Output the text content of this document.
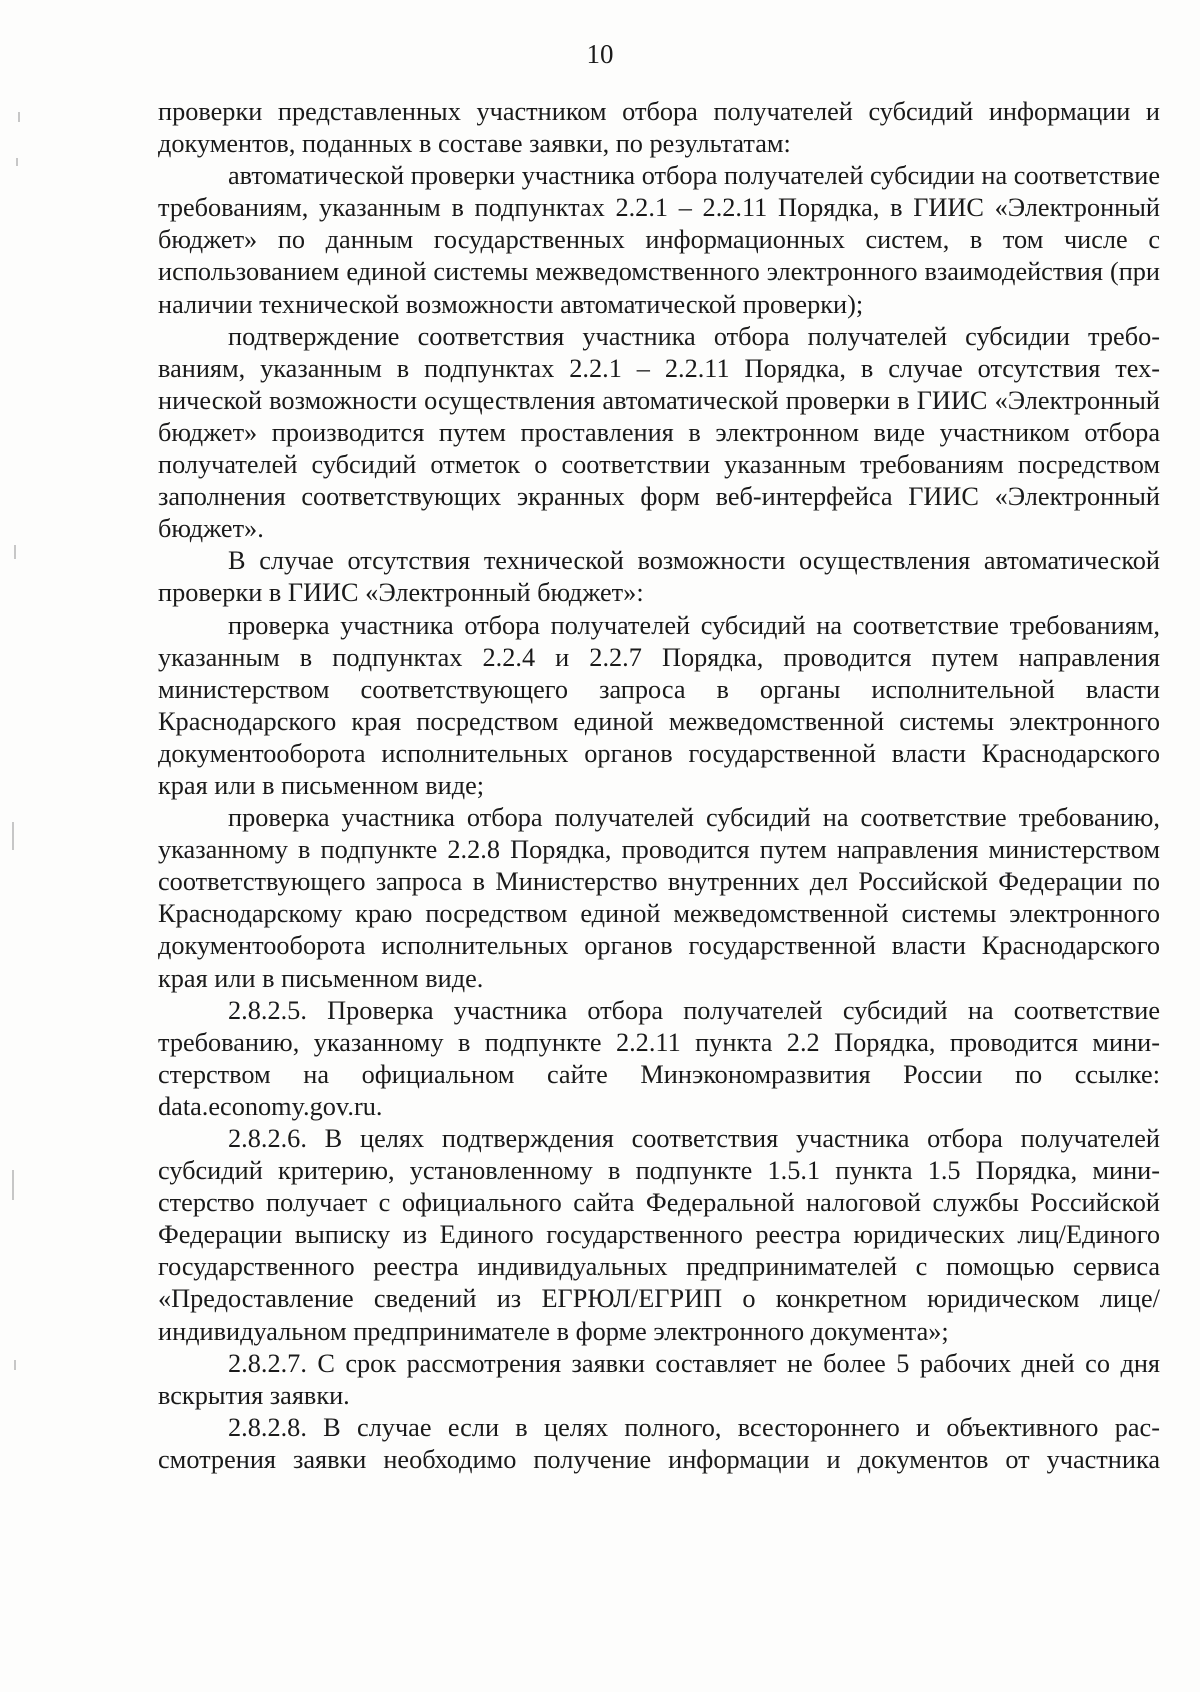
10

проверки представленных участником отбора получателей субсидий информации и документов, поданных в составе заявки, по результатам:

автоматической проверки участника отбора получателей субсидии на соответствие требованиям, указанным в подпунктах 2.2.1 – 2.2.11 Порядка, в ГИИС «Электронный бюджет» по данным государственных информационных систем, в том числе с использованием единой системы межведомственного электронного взаимодействия (при наличии технической возможности автоматической проверки);

подтверждение соответствия участника отбора получателей субсидии требованиям, указанным в подпунктах 2.2.1 – 2.2.11 Порядка, в случае отсутствия технической возможности осуществления автоматической проверки в ГИИС «Электронный бюджет» производится путем проставления в электронном виде участником отбора получателей субсидий отметок о соответствии указанным требованиям посредством заполнения соответствующих экранных форм веб-интерфейса ГИИС «Электронный бюджет».

В случае отсутствия технической возможности осуществления автоматической проверки в ГИИС «Электронный бюджет»:

проверка участника отбора получателей субсидий на соответствие требованиям, указанным в подпунктах 2.2.4 и 2.2.7 Порядка, проводится путем направления министерством соответствующего запроса в органы исполнительной власти Краснодарского края посредством единой межведомственной системы электронного документооборота исполнительных органов государственной власти Краснодарского края или в письменном виде;

проверка участника отбора получателей субсидий на соответствие требованию, указанному в подпункте 2.2.8 Порядка, проводится путем направления министерством соответствующего запроса в Министерство внутренних дел Российской Федерации по Краснодарскому краю посредством единой межведомственной системы электронного документооборота исполнительных органов государственной власти Краснодарского края или в письменном виде.

2.8.2.5. Проверка участника отбора получателей субсидий на соответствие требованию, указанному в подпункте 2.2.11 пункта 2.2 Порядка, проводится министерством на официальном сайте Минэкономразвития России по ссылке: data.economy.gov.ru.

2.8.2.6. В целях подтверждения соответствия участника отбора получателей субсидий критерию, установленному в подпункте 1.5.1 пункта 1.5 Порядка, министерство получает с официального сайта Федеральной налоговой службы Российской Федерации выписку из Единого государственного реестра юридических лиц/Единого государственного реестра индивидуальных предпринимателей с помощью сервиса «Предоставление сведений из ЕГРЮЛ/ЕГРИП о конкретном юридическом лице/индивидуальном предпринимателе в форме электронного документа»;

2.8.2.7. С срок рассмотрения заявки составляет не более 5 рабочих дней со дня вскрытия заявки.

2.8.2.8. В случае если в целях полного, всестороннего и объективного рассмотрения заявки необходимо получение информации и документов от участника
